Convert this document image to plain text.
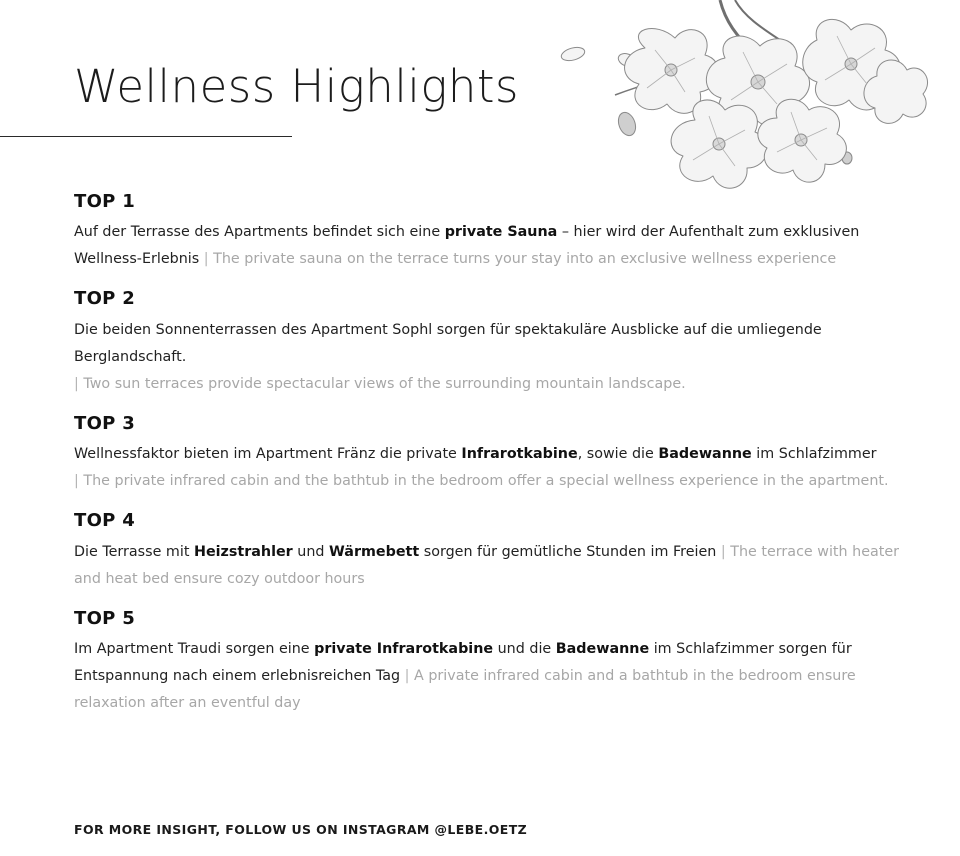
Wellness Highlights
TOP 1

Auf der Terrasse des Apartments befindet sich eine private Sauna – hier wird der Aufenthalt zum exklusiven Wellness-Erlebnis | The private sauna on the terrace turns your stay into an exclusive wellness experience

TOP 2

Die beiden Sonnenterrassen des Apartment Sophl sorgen für spektakuläre Ausblicke auf die umliegende Berglandschaft.
| Two sun terraces provide spectacular views of the surrounding mountain landscape.

TOP 3

Wellnessfaktor bieten im Apartment Fränz die private Infrarotkabine, sowie die Badewanne im Schlafzimmer
| The private infrared cabin and the bathtub in the bedroom offer a special wellness experience in the apartment.

TOP 4

Die Terrasse mit Heizstrahler und Wärmebett sorgen für gemütliche Stunden im Freien | The terrace with heater and heat bed ensure cozy outdoor hours

TOP 5

Im Apartment Traudi sorgen eine private Infrarotkabine und die Badewanne im Schlafzimmer sorgen für Entspannung nach einem erlebnisreichen Tag | A private infrared cabin and a bathtub in the bedroom ensure relaxation after an eventful day

FOR MORE INSIGHT, FOLLOW US ON INSTAGRAM @LEBE.OETZ
